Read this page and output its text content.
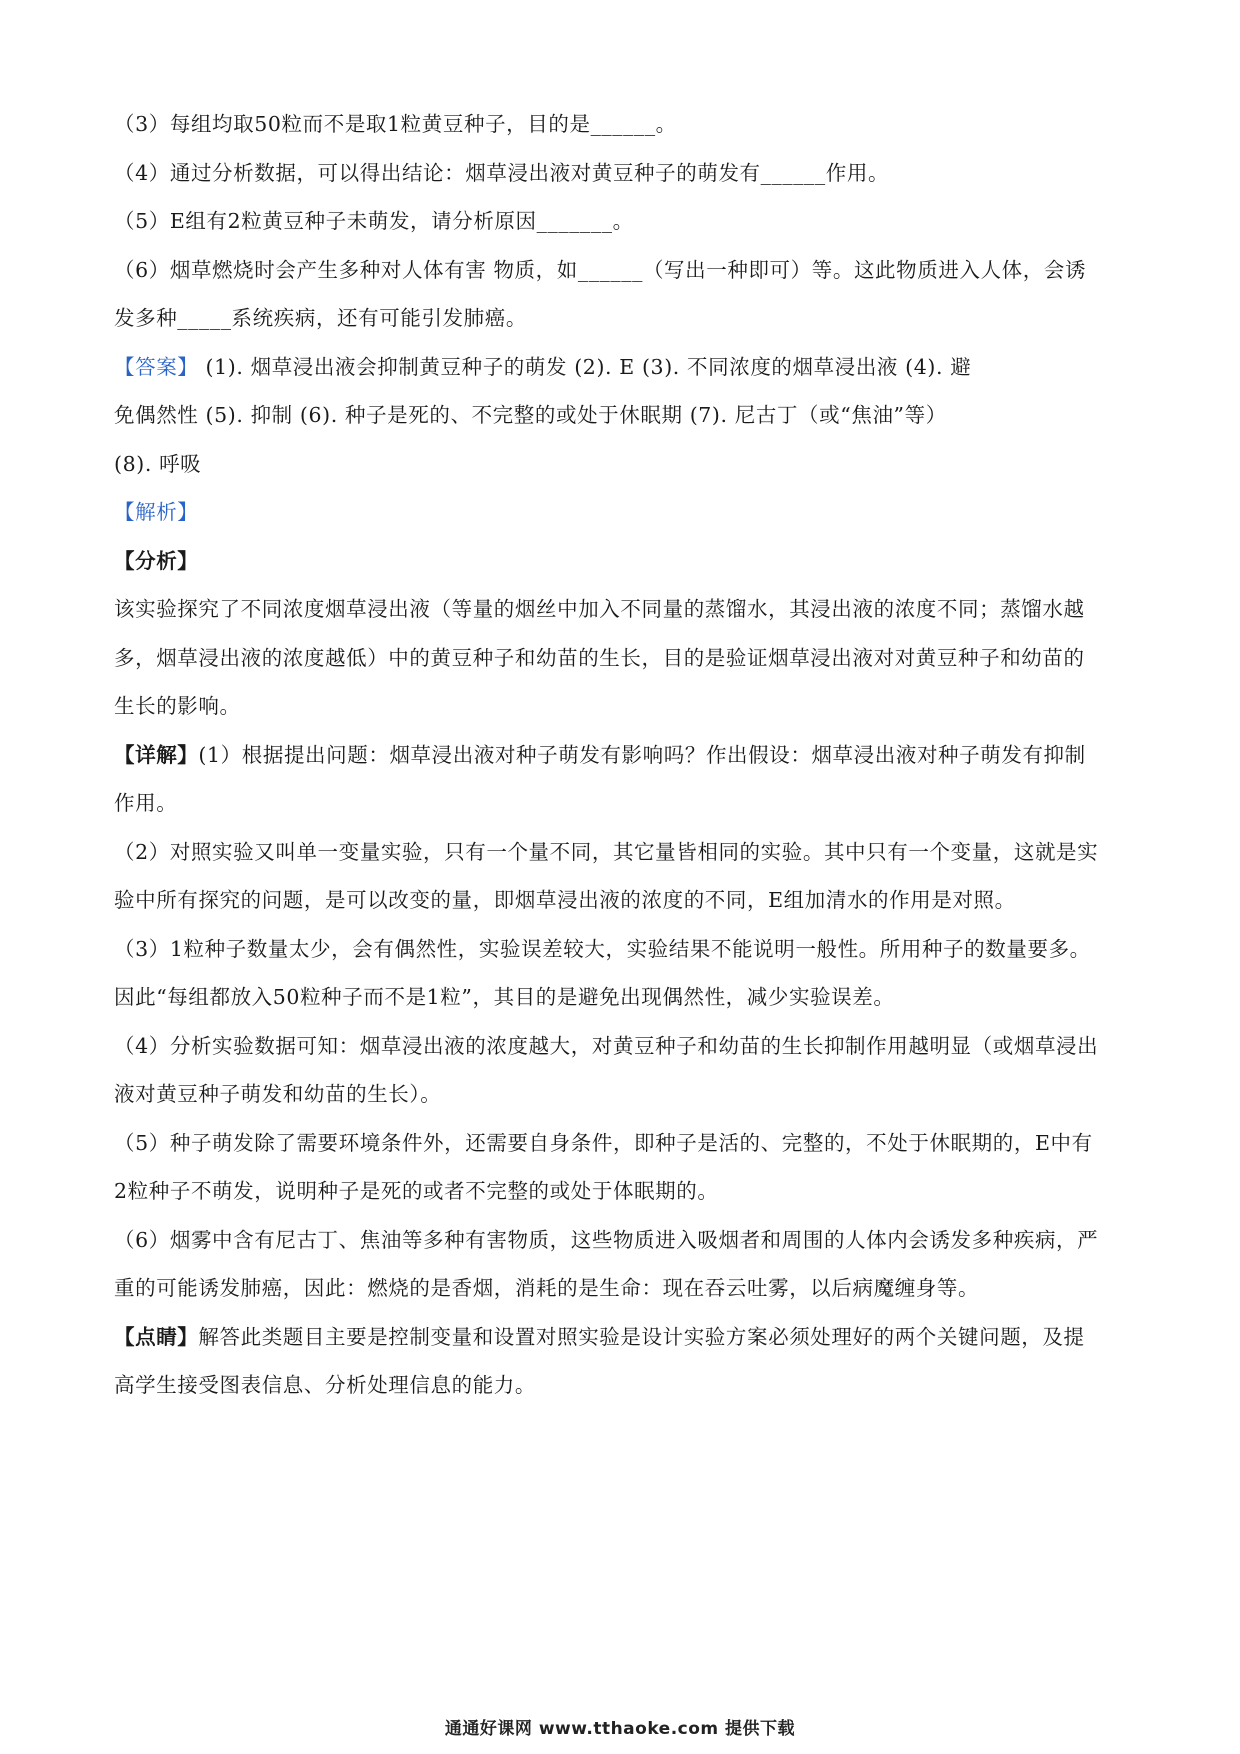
（3）每组均取50粒而不是取1粒黄豆种子，目的是______。
（4）通过分析数据，可以得出结论：烟草浸出液对黄豆种子的萌发有______作用。
（5）E组有2粒黄豆种子未萌发，请分析原因_______。
（6）烟草燃烧时会产生多种对人体有害 物质，如______（写出一种即可）等。这此物质进入人体，会诱
发多种_____系统疾病，还有可能引发肺癌。
【答案】 (1). 烟草浸出液会抑制黄豆种子的萌发 (2). E (3). 不同浓度的烟草浸出液 (4). 避
免偶然性 (5). 抑制 (6). 种子是死的、不完整的或处于休眠期 (7). 尼古丁（或“焦油”等）
(8). 呼吸
【解析】
【分析】
该实验探究了不同浓度烟草浸出液（等量的烟丝中加入不同量的蒸馏水，其浸出液的浓度不同；蒸馏水越
多，烟草浸出液的浓度越低）中的黄豆种子和幼苗的生长，目的是验证烟草浸出液对对黄豆种子和幼苗的
生长的影响。
【详解】(1）根据提出问题：烟草浸出液对种子萌发有影响吗？作出假设：烟草浸出液对种子萌发有抑制
作用。
（2）对照实验又叫单一变量实验，只有一个量不同，其它量皆相同的实验。其中只有一个变量，这就是实
验中所有探究的问题，是可以改变的量，即烟草浸出液的浓度的不同，E组加清水的作用是对照。
（3）1粒种子数量太少，会有偶然性，实验误差较大，实验结果不能说明一般性。所用种子的数量要多。
因此“每组都放入50粒种子而不是1粒”，其目的是避免出现偶然性，减少实验误差。
（4）分析实验数据可知：烟草浸出液的浓度越大，对黄豆种子和幼苗的生长抑制作用越明显（或烟草浸出
液对黄豆种子萌发和幼苗的生长）。
（5）种子萌发除了需要环境条件外，还需要自身条件，即种子是活的、完整的，不处于休眠期的，E中有
2粒种子不萌发，说明种子是死的或者不完整的或处于体眠期的。
（6）烟雾中含有尼古丁、焦油等多种有害物质，这些物质进入吸烟者和周围的人体内会诱发多种疾病，严
重的可能诱发肺癌，因此：燃烧的是香烟，消耗的是生命：现在吞云吐雾，以后病魔缠身等。
【点睛】解答此类题目主要是控制变量和设置对照实验是设计实验方案必须处理好的两个关键问题，及提
高学生接受图表信息、分析处理信息的能力。
通通好课网 www.tthaoke.com 提供下载
